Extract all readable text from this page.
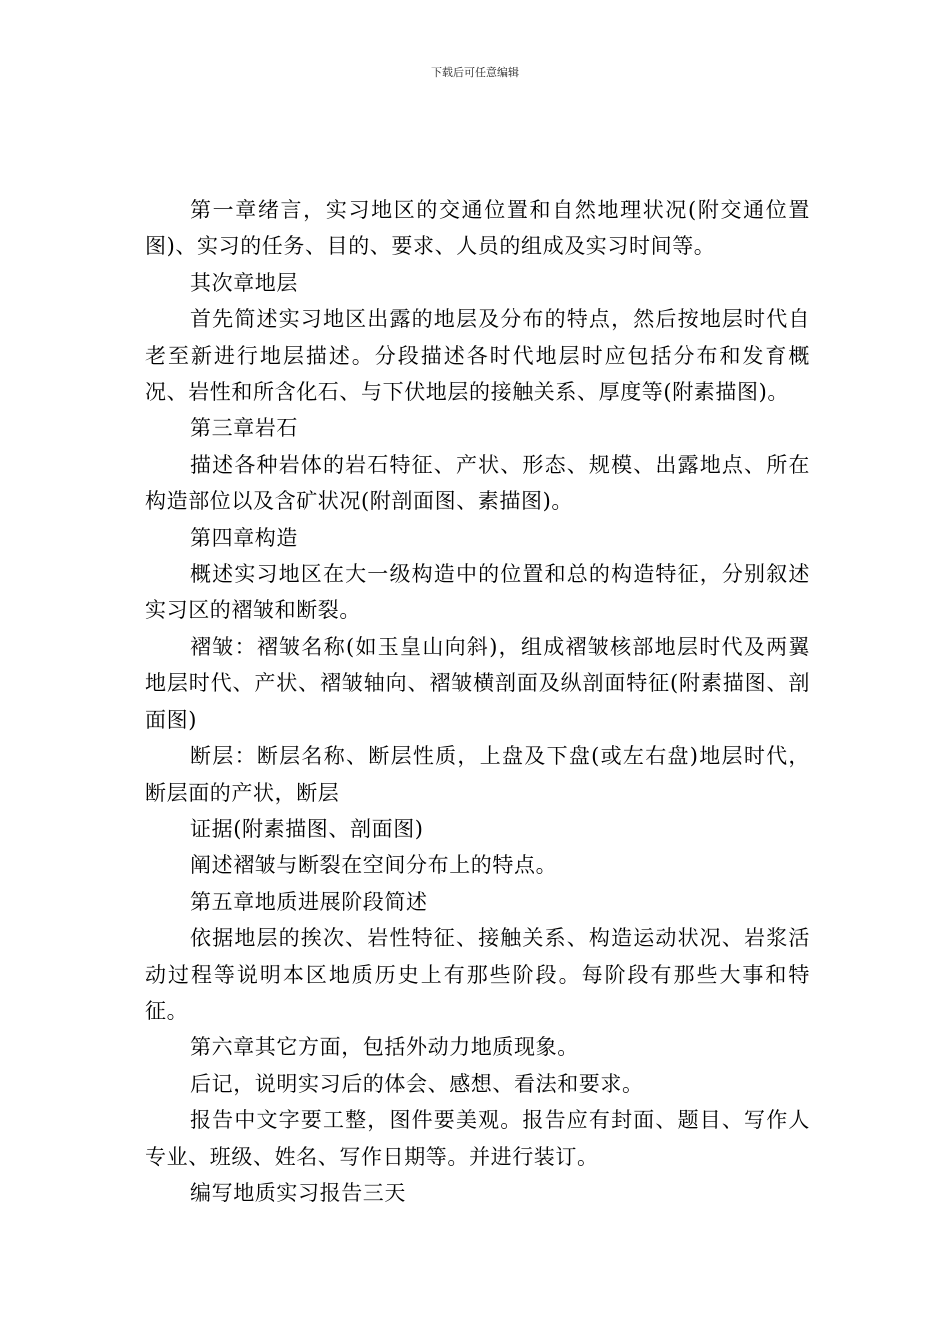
下载后可任意编辑

第一章绪言，实习地区的交通位置和自然地理状况(附交通位置图)、实习的任务、目的、要求、人员的组成及实习时间等。

其次章地层

首先简述实习地区出露的地层及分布的特点，然后按地层时代自老至新进行地层描述。分段描述各时代地层时应包括分布和发育概况、岩性和所含化石、与下伏地层的接触关系、厚度等(附素描图)。

第三章岩石

描述各种岩体的岩石特征、产状、形态、规模、出露地点、所在构造部位以及含矿状况(附剖面图、素描图)。

第四章构造

概述实习地区在大一级构造中的位置和总的构造特征，分别叙述实习区的褶皱和断裂。

褶皱：褶皱名称(如玉皇山向斜)，组成褶皱核部地层时代及两翼地层时代、产状、褶皱轴向、褶皱横剖面及纵剖面特征(附素描图、剖面图)

断层：断层名称、断层性质，上盘及下盘(或左右盘)地层时代，断层面的产状，断层

证据(附素描图、剖面图)

阐述褶皱与断裂在空间分布上的特点。

第五章地质进展阶段简述

依据地层的挨次、岩性特征、接触关系、构造运动状况、岩浆活动过程等说明本区地质历史上有那些阶段。每阶段有那些大事和特征。

第六章其它方面，包括外动力地质现象。

后记，说明实习后的体会、感想、看法和要求。

报告中文字要工整，图件要美观。报告应有封面、题目、写作人专业、班级、姓名、写作日期等。并进行装订。

编写地质实习报告三天
